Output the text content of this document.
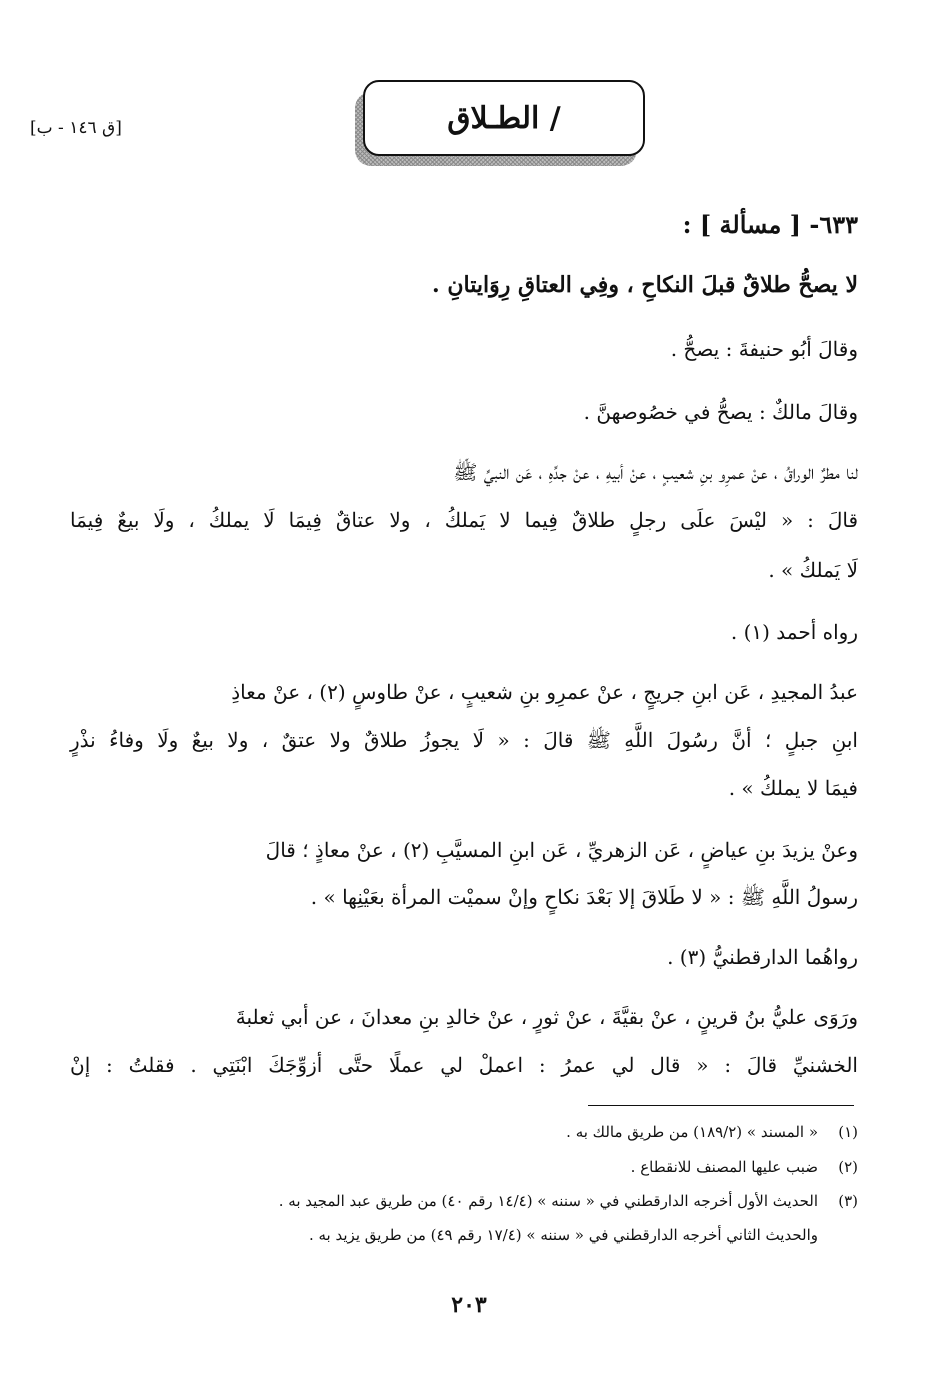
[ق ١٤٦ - ب]	/ الطـلاق
٦٣٣- [ مسألة ] :
لا يصحُّ طلاقٌ قبلَ النكاحِ ، وفِي العتاقِ رِوَايتانِ .
وقالَ أبُو حنيفةَ : يصحُّ .
وقالَ مالكٌ : يصحُّ في خصُوصهنَّ .
لنا مطرٌ الوراقُ ، عنْ عمرِو بنِ شعيبٍ ، عنْ أبيهِ ، عنْ جدِّهِ ، عَن النبيِّ ﷺ
قالَ : « ليْسَ علَى رجلٍ طلاقٌ فِيما لا يَملكُ ، ولا عتاقٌ فِيمَا لَا يملكُ ، ولَا بيعٌ فِيمَا
لَا يَملكُ » .
رواه أحمد (١) .
عبدُ المجيدِ ، عَن ابنِ جريجٍ ، عنْ عمرِو بنِ شعيبٍ ، عنْ طاوسٍ (٢) ، عنْ معاذِ
ابنِ جبلٍ ؛ أنَّ رسُولَ اللَّهِ ﷺ قالَ : « لَا يجوزُ طلاقٌ ولا عتقٌ ، ولا بيعٌ ولَا وفاءُ نذْرٍ
فيمَا لا يملكُ » .
وعنْ يزيدَ بنِ عياضٍ ، عَن الزهريِّ ، عَن ابنِ المسيَّبِ (٢) ، عنْ معاذٍ ؛ قالَ
رسولُ اللَّهِ ﷺ : « لا طَلاقَ إلا بَعْدَ نكاحٍ وإنْ سميْت المرأة بعَيْنِها » .
رواهُما الدارقطنيُّ (٣) .
ورَوَى عليُّ بنُ قرينٍ ، عنْ بقيَّةَ ، عنْ ثورٍ ، عنْ خالدِ بنِ معدانَ ، عن أبي ثعلبةَ
الخشنيِّ قالَ : « قال لي عمرُ : اعملْ لي عملًا حتَّى أزوِّجَكَ ابْنَتِي . فقلتُ : إنْ
(١)« المسند » (١٨٩/٢) من طريق مالك به .
(٢)ضبب عليها المصنف للانقطاع .
(٣)الحديث الأول أخرجه الدارقطني في « سننه » (١٤/٤ رقم ٤٠) من طريق عبد المجيد به .
والحديث الثاني أخرجه الدارقطني في « سننه » (١٧/٤ رقم ٤٩) من طريق يزيد به .
٢٠٣
